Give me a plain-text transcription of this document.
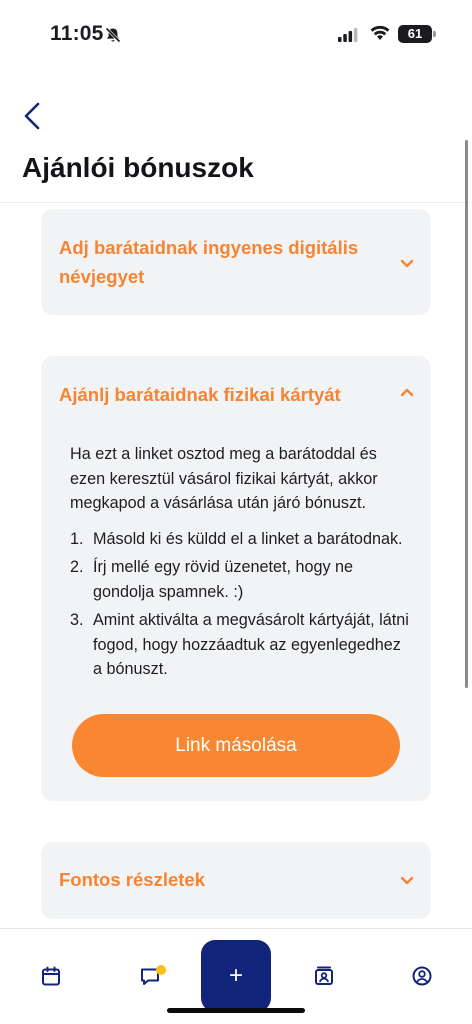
11:05	61
Ajánlói bónuszok
Adj barátaidnak ingyenes digitális névjegyet
Ajánlj barátaidnak fizikai kártyát

Ha ezt a linket osztod meg a barátoddal és ezen keresztül vásárol fizikai kártyát, akkor megkapod a vásárlása után járó bónuszt.

1. Másold ki és küldd el a linket a barátodnak.
2. Írj mellé egy rövid üzenetet, hogy ne gondolja spamnek. :)
3. Amint aktiválta a megvásárolt kártyáját, látni fogod, hogy hozzáadtuk az egyenlegedhez a bónuszt.
Link másolása
Fontos részletek
+
